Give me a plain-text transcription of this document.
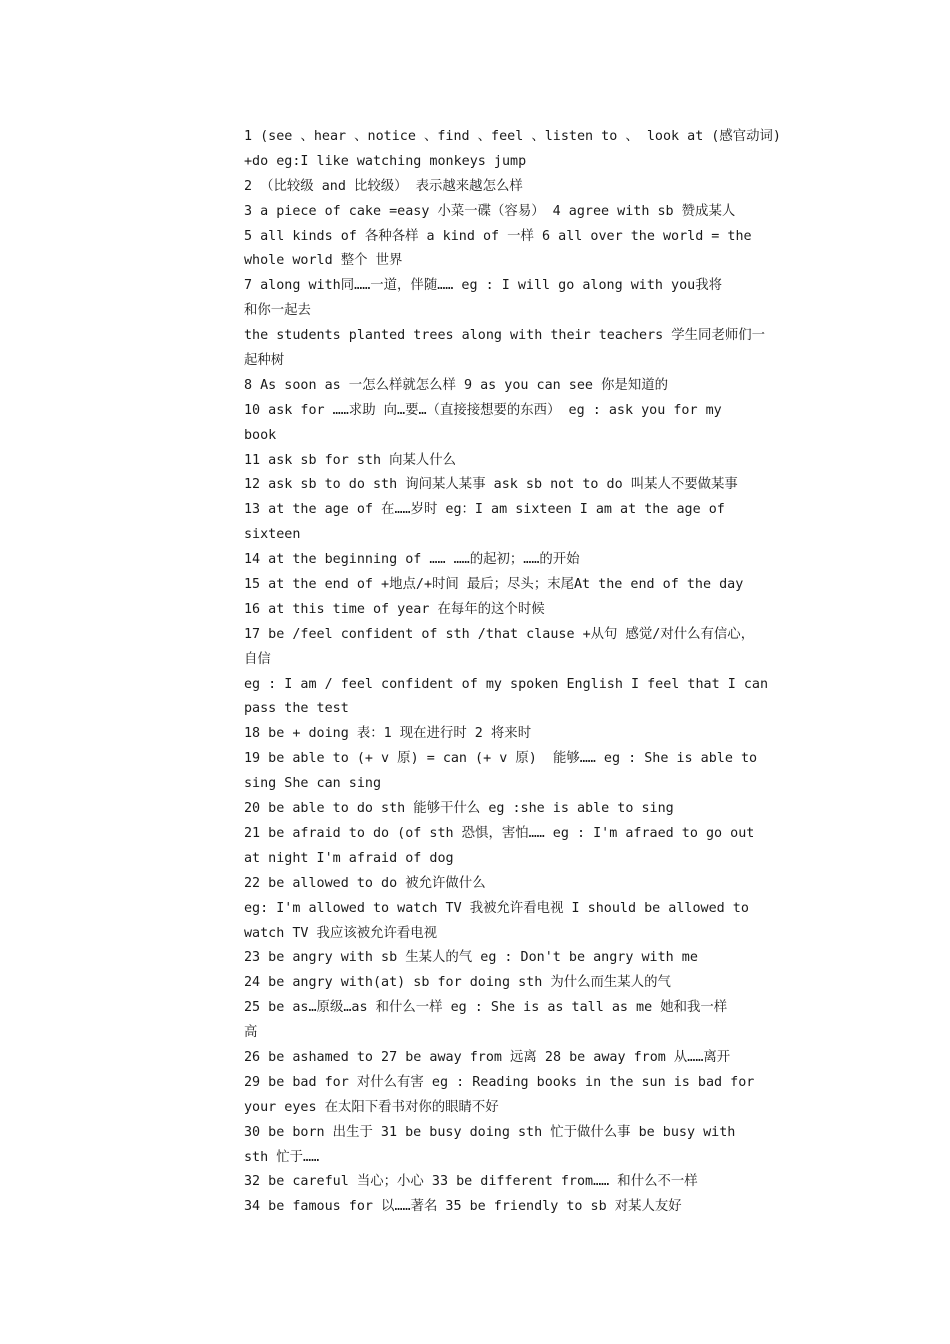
1 (see 、hear 、notice 、find 、feel 、listen to 、 look at (感官动词)
+do eg:I like watching monkeys jump
2 （比较级 and 比较级） 表示越来越怎么样
3 a piece of cake =easy 小菜一碟（容易） 4 agree with sb 赞成某人
5 all kinds of 各种各样 a kind of 一样 6 all over the world = the
whole world 整个 世界
7 along with同……一道，伴随…… eg : I will go along with you我将
和你一起去
the students planted trees along with their teachers 学生同老师们一
起种树
8 As soon as 一怎么样就怎么样 9 as you can see 你是知道的
10 ask for ……求助 向…要…（直接接想要的东西） eg : ask you for my
book
11 ask sb for sth 向某人什么
12 ask sb to do sth 询问某人某事 ask sb not to do 叫某人不要做某事
13 at the age of 在……岁时 eg：I am sixteen I am at the age of
sixteen
14 at the beginning of …… ……的起初；……的开始
15 at the end of +地点/+时间 最后；尽头；末尾At the end of the day
16 at this time of year 在每年的这个时候
17 be /feel confident of sth /that clause +从句 感觉/对什么有信心，
自信
eg : I am / feel confident of my spoken English I feel that I can
pass the test
18 be + doing 表：1 现在进行时 2 将来时
19 be able to (+ v 原) = can (+ v 原)  能够…… eg : She is able to
sing She can sing
20 be able to do sth 能够干什么 eg :she is able to sing
21 be afraid to do (of sth 恐惧，害怕…… eg : I'm afraed to go out
at night I'm afraid of dog
22 be allowed to do 被允许做什么
eg: I'm allowed to watch TV 我被允许看电视 I should be allowed to
watch TV 我应该被允许看电视
23 be angry with sb 生某人的气 eg : Don't be angry with me
24 be angry with(at) sb for doing sth 为什么而生某人的气
25 be as…原级…as 和什么一样 eg : She is as tall as me 她和我一样
高
26 be ashamed to 27 be away from 远离 28 be away from 从……离开
29 be bad for 对什么有害 eg : Reading books in the sun is bad for
your eyes 在太阳下看书对你的眼睛不好
30 be born 出生于 31 be busy doing sth 忙于做什么事 be busy with
sth 忙于……
32 be careful 当心；小心 33 be different from…… 和什么不一样
34 be famous for 以……著名 35 be friendly to sb 对某人友好
